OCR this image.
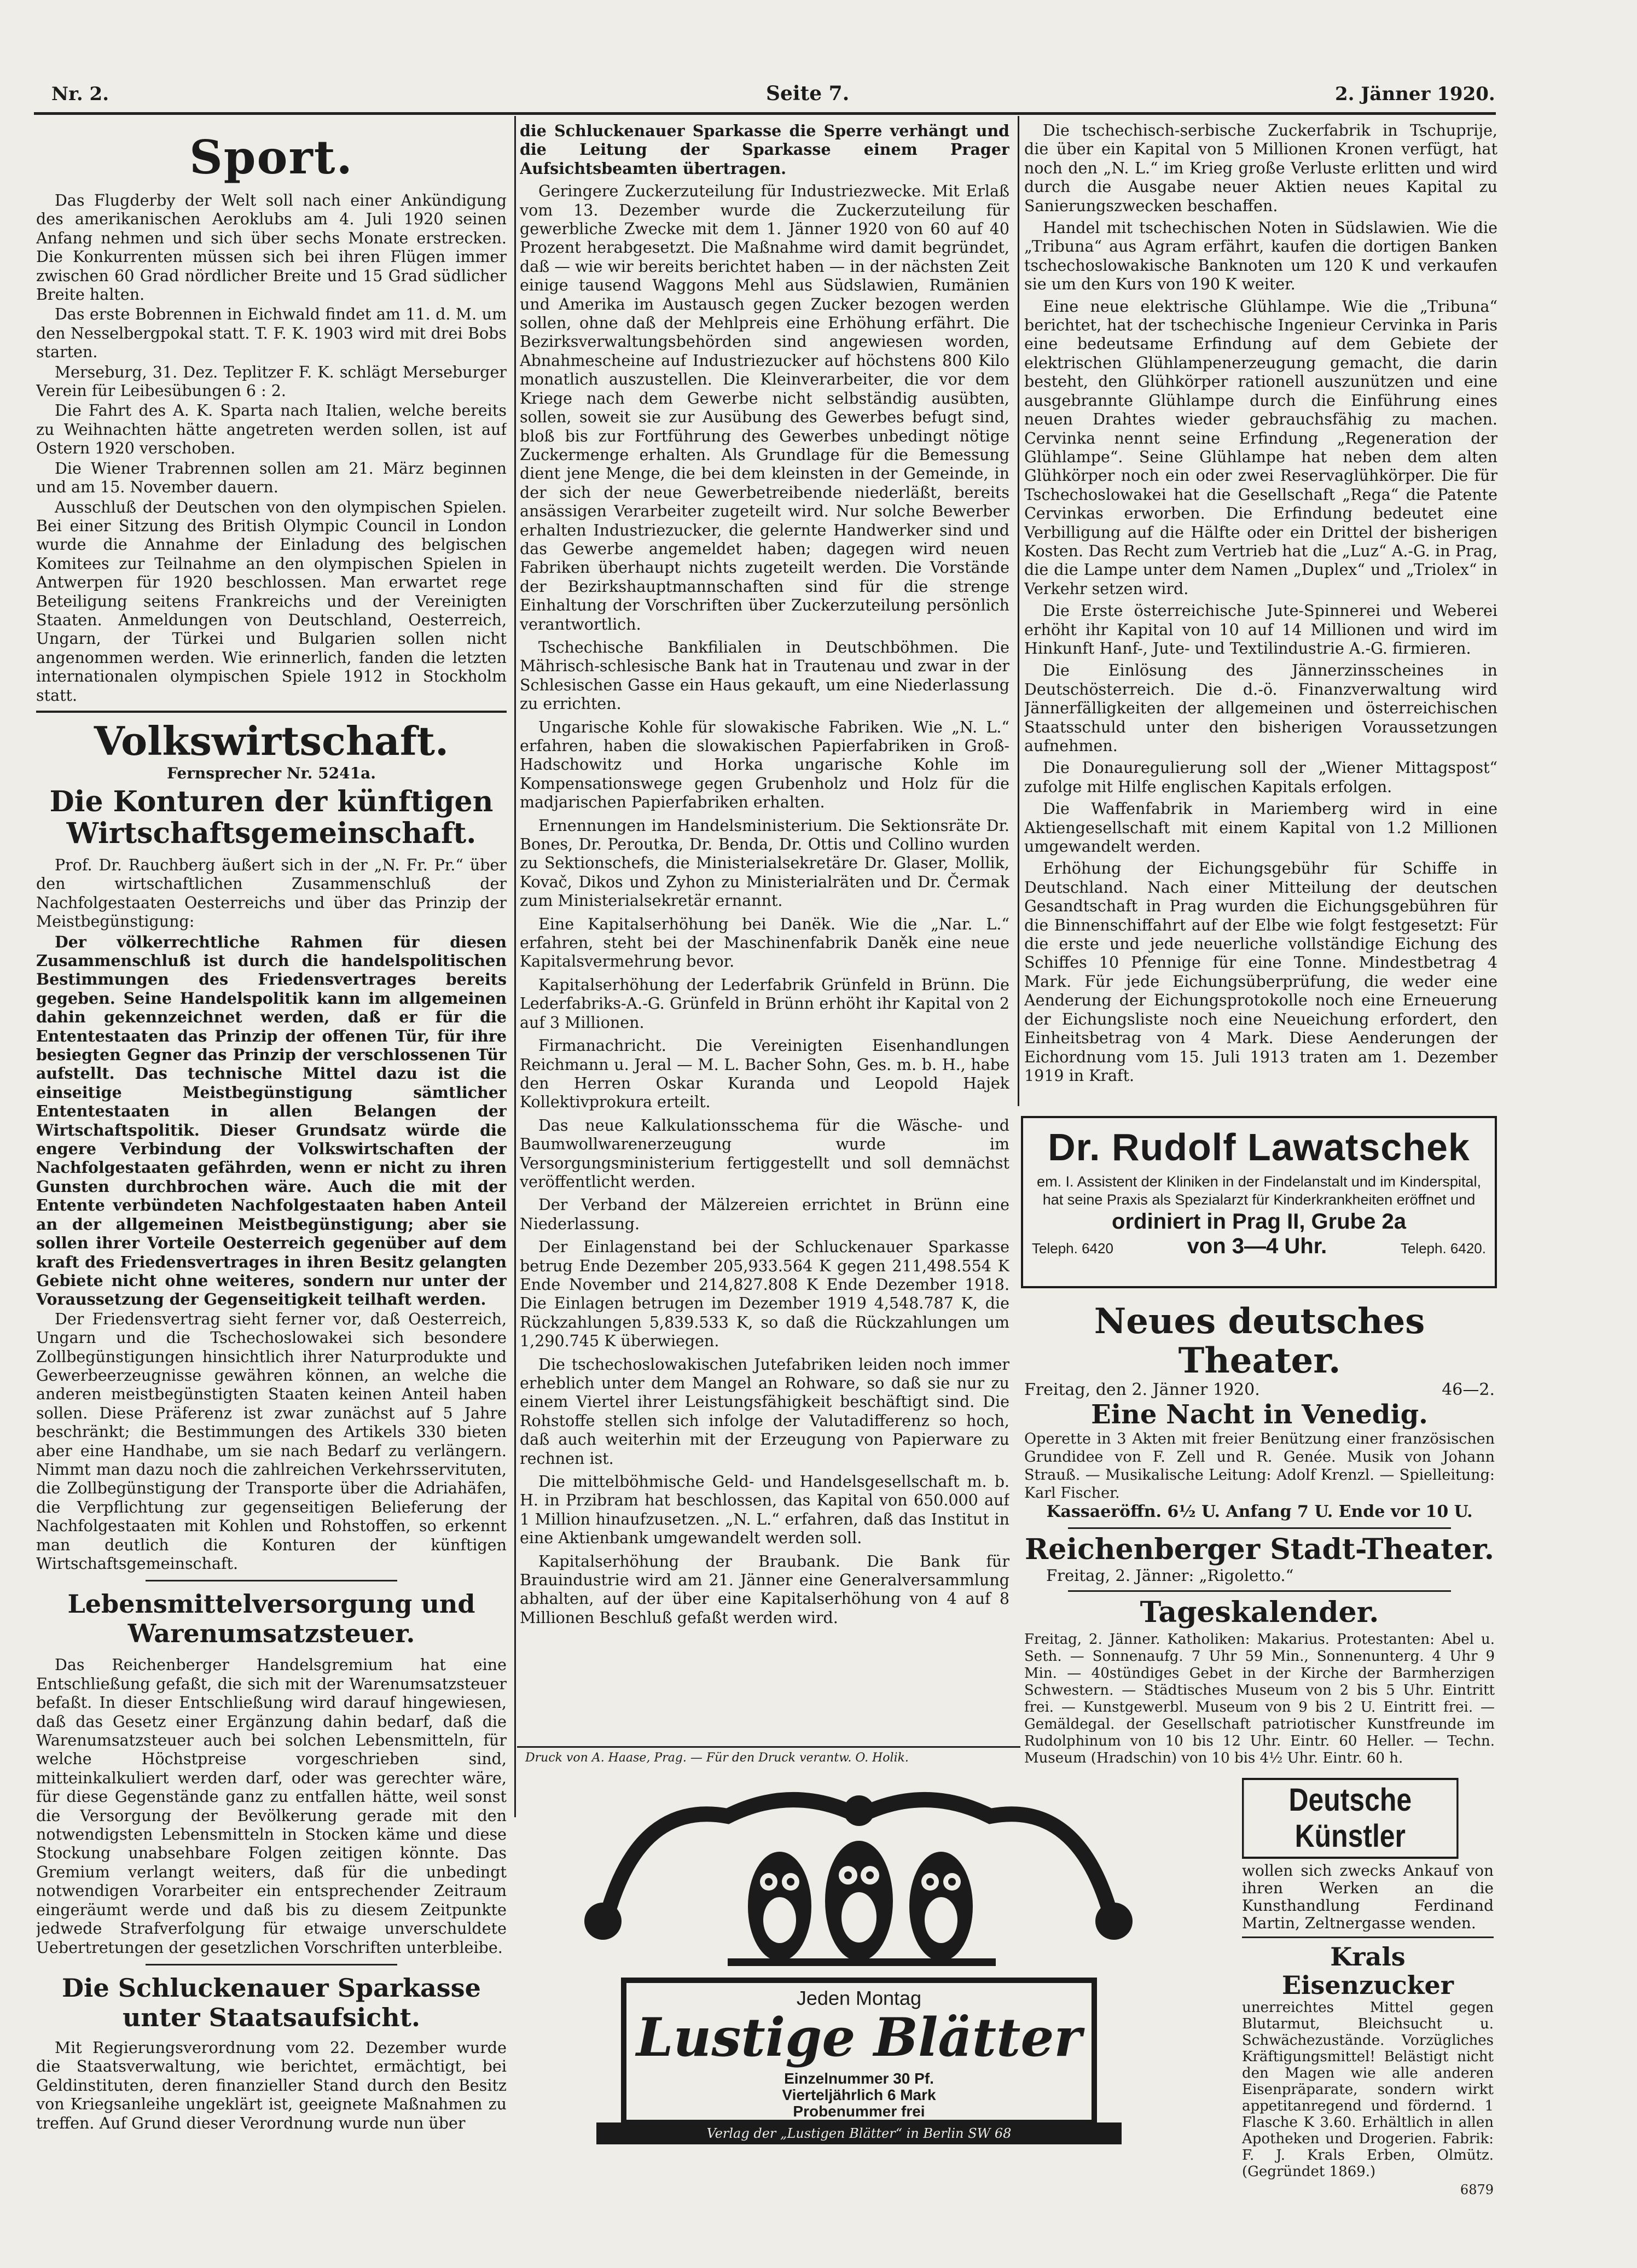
Nr. 2.	Seite 7.	2. Jänner 1920.
Sport.

Das Flugderby der Welt soll nach einer Ankündigung des amerikanischen Aeroklubs am 4. Juli 1920 seinen Anfang nehmen und sich über sechs Monate erstrecken. Die Konkurrenten müssen sich bei ihren Flügen immer zwischen 60 Grad nördlicher Breite und 15 Grad südlicher Breite halten.

Das erste Bobrennen in Eichwald findet am 11. d. M. um den Nesselbergpokal statt. T. F. K. 1903 wird mit drei Bobs starten.

Merseburg, 31. Dez. Teplitzer F. K. schlägt Merseburger Verein für Leibesübungen 6 : 2.

Die Fahrt des A. K. Sparta nach Italien, welche bereits zu Weihnachten hätte angetreten werden sollen, ist auf Ostern 1920 verschoben.

Die Wiener Trabrennen sollen am 21. März beginnen und am 15. November dauern.

Ausschluß der Deutschen von den olympischen Spielen. Bei einer Sitzung des British Olympic Council in London wurde die Annahme der Einladung des belgischen Komitees zur Teilnahme an den olympischen Spielen in Antwerpen für 1920 beschlossen. Man erwartet rege Beteiligung seitens Frankreichs und der Vereinigten Staaten. Anmeldungen von Deutschland, Oesterreich, Ungarn, der Türkei und Bulgarien sollen nicht angenommen werden. Wie erinnerlich, fanden die letzten internationalen olympischen Spiele 1912 in Stockholm statt.

Volkswirtschaft.
Fernsprecher Nr. 5241a.
Die Konturen der künftigen Wirtschaftsgemeinschaft.

Prof. Dr. Rauchberg äußert sich in der „N. Fr. Pr.“ über den wirtschaftlichen Zusammenschluß der Nachfolgestaaten Oesterreichs und über das Prinzip der Meistbegünstigung:

Der völkerrechtliche Rahmen für diesen Zusammenschluß ist durch die handelspolitischen Bestimmungen des Friedensvertrages bereits gegeben. Seine Handelspolitik kann im allgemeinen dahin gekennzeichnet werden, daß er für die Ententestaaten das Prinzip der offenen Tür, für ihre besiegten Gegner das Prinzip der verschlossenen Tür aufstellt. Das technische Mittel dazu ist die einseitige Meistbegünstigung sämtlicher Ententestaaten in allen Belangen der Wirtschaftspolitik. Dieser Grundsatz würde die engere Verbindung der Volkswirtschaften der Nachfolgestaaten gefährden, wenn er nicht zu ihren Gunsten durchbrochen wäre. Auch die mit der Entente verbündeten Nachfolgestaaten haben Anteil an der allgemeinen Meistbegünstigung; aber sie sollen ihrer Vorteile Oesterreich gegenüber auf dem kraft des Friedensvertrages in ihren Besitz gelangten Gebiete nicht ohne weiteres, sondern nur unter der Voraussetzung der Gegenseitigkeit teilhaft werden.

Der Friedensvertrag sieht ferner vor, daß Oesterreich, Ungarn und die Tschechoslowakei sich besondere Zollbegünstigungen hinsichtlich ihrer Naturprodukte und Gewerbeerzeugnisse gewähren können, an welche die anderen meistbegünstigten Staaten keinen Anteil haben sollen. Diese Präferenz ist zwar zunächst auf 5 Jahre beschränkt; die Bestimmungen des Artikels 330 bieten aber eine Handhabe, um sie nach Bedarf zu verlängern. Nimmt man dazu noch die zahlreichen Verkehrsservituten, die Zollbegünstigung der Transporte über die Adriahäfen, die Verpflichtung zur gegenseitigen Belieferung der Nachfolgestaaten mit Kohlen und Rohstoffen, so erkennt man deutlich die Konturen der künftigen Wirtschaftsgemeinschaft.

Lebensmittelversorgung und Warenumsatzsteuer.

Das Reichenberger Handelsgremium hat eine Entschließung gefaßt, die sich mit der Warenumsatzsteuer befaßt. In dieser Entschließung wird darauf hingewiesen, daß das Gesetz einer Ergänzung dahin bedarf, daß die Warenumsatzsteuer auch bei solchen Lebensmitteln, für welche Höchstpreise vorgeschrieben sind, mitteinkalkuliert werden darf, oder was gerechter wäre, für diese Gegenstände ganz zu entfallen hätte, weil sonst die Versorgung der Bevölkerung gerade mit den notwendigsten Lebensmitteln in Stocken käme und diese Stockung unabsehbare Folgen zeitigen könnte. Das Gremium verlangt weiters, daß für die unbedingt notwendigen Vorarbeiter ein entsprechender Zeitraum eingeräumt werde und daß bis zu diesem Zeitpunkte jedwede Strafverfolgung für etwaige unverschuldete Uebertretungen der gesetzlichen Vorschriften unterbleibe.

Die Schluckenauer Sparkasse unter Staatsaufsicht.

Mit Regierungsverordnung vom 22. Dezember wurde die Staatsverwaltung, wie berichtet, ermächtigt, bei Geldinstituten, deren finanzieller Stand durch den Besitz von Kriegsanleihe ungeklärt ist, geeignete Maßnahmen zu treffen. Auf Grund dieser Verordnung wurde nun über

die Schluckenauer Sparkasse die Sperre verhängt und die Leitung der Sparkasse einem Prager Aufsichtsbeamten übertragen.

Geringere Zuckerzuteilung für Industriezwecke. Mit Erlaß vom 13. Dezember wurde die Zuckerzuteilung für gewerbliche Zwecke mit dem 1. Jänner 1920 von 60 auf 40 Prozent herabgesetzt. Die Maßnahme wird damit begründet, daß — wie wir bereits berichtet haben — in der nächsten Zeit einige tausend Waggons Mehl aus Südslawien, Rumänien und Amerika im Austausch gegen Zucker bezogen werden sollen, ohne daß der Mehlpreis eine Erhöhung erfährt. Die Bezirksverwaltungsbehörden sind angewiesen worden, Abnahmescheine auf Industriezucker auf höchstens 800 Kilo monatlich auszustellen. Die Kleinverarbeiter, die vor dem Kriege nach dem Gewerbe nicht selbständig ausübten, sollen, soweit sie zur Ausübung des Gewerbes befugt sind, bloß bis zur Fortführung des Gewerbes unbedingt nötige Zuckermenge erhalten. Als Grundlage für die Bemessung dient jene Menge, die bei dem kleinsten in der Gemeinde, in der sich der neue Gewerbetreibende niederläßt, bereits ansässigen Verarbeiter zugeteilt wird. Nur solche Bewerber erhalten Industriezucker, die gelernte Handwerker sind und das Gewerbe angemeldet haben; dagegen wird neuen Fabriken überhaupt nichts zugeteilt werden. Die Vorstände der Bezirkshauptmannschaften sind für die strenge Einhaltung der Vorschriften über Zuckerzuteilung persönlich verantwortlich.

Tschechische Bankfilialen in Deutschböhmen. Die Mährisch-schlesische Bank hat in Trautenau und zwar in der Schlesischen Gasse ein Haus gekauft, um eine Niederlassung zu errichten.

Ungarische Kohle für slowakische Fabriken. Wie „N. L.“ erfahren, haben die slowakischen Papierfabriken in Groß-Hadschowitz und Horka ungarische Kohle im Kompensationswege gegen Grubenholz und Holz für die madjarischen Papierfabriken erhalten.

Ernennungen im Handelsministerium. Die Sektionsräte Dr. Bones, Dr. Peroutka, Dr. Benda, Dr. Ottis und Collino wurden zu Sektionschefs, die Ministerialsekretäre Dr. Glaser, Mollik, Kovač, Dikos und Zyhon zu Ministerialräten und Dr. Čermak zum Ministerialsekretär ernannt.

Eine Kapitalserhöhung bei Danëk. Wie die „Nar. L.“ erfahren, steht bei der Maschinenfabrik Daněk eine neue Kapitalsvermehrung bevor.

Kapitalserhöhung der Lederfabrik Grünfeld in Brünn. Die Lederfabriks-A.-G. Grünfeld in Brünn erhöht ihr Kapital von 2 auf 3 Millionen.

Firmanachricht. Die Vereinigten Eisenhandlungen Reichmann u. Jeral — M. L. Bacher Sohn, Ges. m. b. H., habe den Herren Oskar Kuranda und Leopold Hajek Kollektivprokura erteilt.

Das neue Kalkulationsschema für die Wäsche- und Baumwollwarenerzeugung wurde im Versorgungsministerium fertiggestellt und soll demnächst veröffentlicht werden.

Der Verband der Mälzereien errichtet in Brünn eine Niederlassung.

Der Einlagenstand bei der Schluckenauer Sparkasse betrug Ende Dezember 205,933.564 K gegen 211,498.554 K Ende November und 214,827.808 K Ende Dezember 1918. Die Einlagen betrugen im Dezember 1919 4,548.787 K, die Rückzahlungen 5,839.533 K, so daß die Rückzahlungen um 1,290.745 K überwiegen.

Die tschechoslowakischen Jutefabriken leiden noch immer erheblich unter dem Mangel an Rohware, so daß sie nur zu einem Viertel ihrer Leistungsfähigkeit beschäftigt sind. Die Rohstoffe stellen sich infolge der Valutadifferenz so hoch, daß auch weiterhin mit der Erzeugung von Papierware zu rechnen ist.

Die mittelböhmische Geld- und Handelsgesellschaft m. b. H. in Przibram hat beschlossen, das Kapital von 650.000 auf 1 Million hinaufzusetzen. „N. L.“ erfahren, daß das Institut in eine Aktienbank umgewandelt werden soll.

Kapitalserhöhung der Braubank. Die Bank für Brauindustrie wird am 21. Jänner eine Generalversammlung abhalten, auf der über eine Kapitalserhöhung von 4 auf 8 Millionen Beschluß gefaßt werden wird.

Druck von A. Haase, Prag. — Für den Druck verantw. O. Holik.

Die tschechisch-serbische Zuckerfabrik in Tschuprije, die über ein Kapital von 5 Millionen Kronen verfügt, hat noch den „N. L.“ im Krieg große Verluste erlitten und wird durch die Ausgabe neuer Aktien neues Kapital zu Sanierungszwecken beschaffen.

Handel mit tschechischen Noten in Südslawien. Wie die „Tribuna“ aus Agram erfährt, kaufen die dortigen Banken tschechoslowakische Banknoten um 120 K und verkaufen sie um den Kurs von 190 K weiter.

Eine neue elektrische Glühlampe. Wie die „Tribuna“ berichtet, hat der tschechische Ingenieur Cervinka in Paris eine bedeutsame Erfindung auf dem Gebiete der elektrischen Glühlampenerzeugung gemacht, die darin besteht, den Glühkörper rationell auszunützen und eine ausgebrannte Glühlampe durch die Einführung eines neuen Drahtes wieder gebrauchsfähig zu machen. Cervinka nennt seine Erfindung „Regeneration der Glühlampe“. Seine Glühlampe hat neben dem alten Glühkörper noch ein oder zwei Reservaglühkörper. Die für Tschechoslowakei hat die Gesellschaft „Rega“ die Patente Cervinkas erworben. Die Erfindung bedeutet eine Verbilligung auf die Hälfte oder ein Drittel der bisherigen Kosten. Das Recht zum Vertrieb hat die „Luz“ A.-G. in Prag, die die Lampe unter dem Namen „Duplex“ und „Triolex“ in Verkehr setzen wird.

Die Erste österreichische Jute-Spinnerei und Weberei erhöht ihr Kapital von 10 auf 14 Millionen und wird im Hinkunft Hanf-, Jute- und Textilindustrie A.-G. firmieren.

Die Einlösung des Jännerzinsscheines in Deutschösterreich. Die d.-ö. Finanzverwaltung wird Jännerfälligkeiten der allgemeinen und österreichischen Staatsschuld unter den bisherigen Voraussetzungen aufnehmen.

Die Donauregulierung soll der „Wiener Mittagspost“ zufolge mit Hilfe englischen Kapitals erfolgen.

Die Waffenfabrik in Mariemberg wird in eine Aktiengesellschaft mit einem Kapital von 1.2 Millionen umgewandelt werden.

Erhöhung der Eichungsgebühr für Schiffe in Deutschland. Nach einer Mitteilung der deutschen Gesandtschaft in Prag wurden die Eichungsgebühren für die Binnenschiffahrt auf der Elbe wie folgt festgesetzt: Für die erste und jede neuerliche vollständige Eichung des Schiffes 10 Pfennige für eine Tonne. Mindestbetrag 4 Mark. Für jede Eichungsüberprüfung, die weder eine Aenderung der Eichungsprotokolle noch eine Erneuerung der Eichungsliste noch eine Neueichung erfordert, den Einheitsbetrag von 4 Mark. Diese Aenderungen der Eichordnung vom 15. Juli 1913 traten am 1. Dezember 1919 in Kraft.

Dr. Rudolf Lawatschek
em. I. Assistent der Kliniken in der Findelanstalt und im Kinderspital, hat seine Praxis als Spezialarzt für Kinderkrankheiten eröffnet und
ordiniert in Prag II, Grube 2a
Teleph. 6420	von 3—4 Uhr.	Teleph. 6420.
Neues deutsches Theater.
Freitag, den 2. Jänner 1920.	46—2.
Eine Nacht in Venedig.
Operette in 3 Akten mit freier Benützung einer französischen Grundidee von F. Zell und R. Genée. Musik von Johann Strauß. — Musikalische Leitung: Adolf Krenzl. — Spielleitung: Karl Fischer.
Kassaeröffn. 6½ U. Anfang 7 U. Ende vor 10 U.
Reichenberger Stadt-Theater.
Freitag, 2. Jänner: „Rigoletto.“
Tageskalender.
Freitag, 2. Jänner. Katholiken: Makarius. Protestanten: Abel u. Seth. — Sonnenaufg. 7 Uhr 59 Min., Sonnenunterg. 4 Uhr 9 Min. — 40stündiges Gebet in der Kirche der Barmherzigen Schwestern. — Städtisches Museum von 2 bis 5 Uhr. Eintritt frei. — Kunstgewerbl. Museum von 9 bis 2 U. Eintritt frei. — Gemäldegal. der Gesellschaft patriotischer Kunstfreunde im Rudolphinum von 10 bis 12 Uhr. Eintr. 60 Heller. — Techn. Museum (Hradschin) von 10 bis 4½ Uhr. Eintr. 60 h.
Jeden Montag
Lustige Blätter
Einzelnummer 30 Pf.
Vierteljährlich 6 Mark
Probenummer frei
Verlag der „Lustigen Blätter“ in Berlin SW 68
Deutsche Künstler
wollen sich zwecks Ankauf von ihren Werken an die Kunsthandlung Ferdinand Martin, Zeltnergasse wenden.
Krals Eisenzucker
unerreichtes Mittel gegen Blutarmut, Bleichsucht u. Schwächezustände. Vorzügliches Kräftigungsmittel! Belästigt nicht den Magen wie alle anderen Eisenpräparate, sondern wirkt appetitanregend und fördernd. 1 Flasche K 3.60. Erhältlich in allen Apotheken und Drogerien. Fabrik: F. J. Krals Erben, Olmütz. (Gegründet 1869.)
6879
